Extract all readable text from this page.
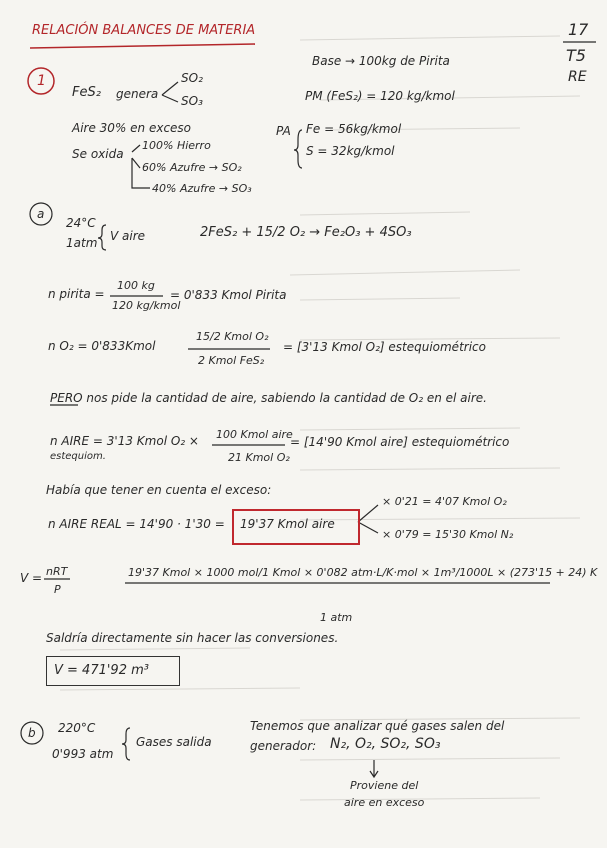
RELACIÓN BALANCES DE MATERIA	17
T5
RE
1
FeS₂ genera
SO₂
SO₃
Aire 30% en exceso
Se oxida
100% Hierro
60% Azufre → SO₂
40% Azufre → SO₃
Base → 100kg de Pirita
PM (FeS₂) = 120 kg/kmol
PA Fe = 56kg/kmol
S = 32kg/kmol
a
24°C
1atm V aire	2FeS₂ + 15/2 O₂ → Fe₂O₃ + 4SO₃
n pirita =
100 kg
120 kg/kmol
= 0'833 Kmol Pirita
n O₂ = 0'833Kmol
15/2 Kmol O₂
2 Kmol FeS₂
= [3'13 Kmol O₂] estequiométrico
PERO nos pide la cantidad de aire, sabiendo la cantidad de O₂ en el aire.
n AIRE = 3'13 Kmol O₂ ×
estequiom.
100 Kmol aire
21 Kmol O₂
= [14'90 Kmol aire] estequiométrico
Había que tener en cuenta el exceso:
n AIRE REAL = 14'90 · 1'30 = 19'37 Kmol aire
× 0'21 = 4'07 Kmol O₂
× 0'79 = 15'30 Kmol N₂
V = nRT
P
19'37 Kmol × 1000 mol/1 Kmol × 0'082 atm·L/K·mol × 1m³/1000L × (273'15 + 24) K
1 atm
Saldría directamente sin hacer las conversiones.
V = 471'92 m³
b 220°C
0'993 atm
Gases salida
Tenemos que analizar qué gases salen del
generador: N₂, O₂, SO₂, SO₃
Proviene del
aire en exceso
